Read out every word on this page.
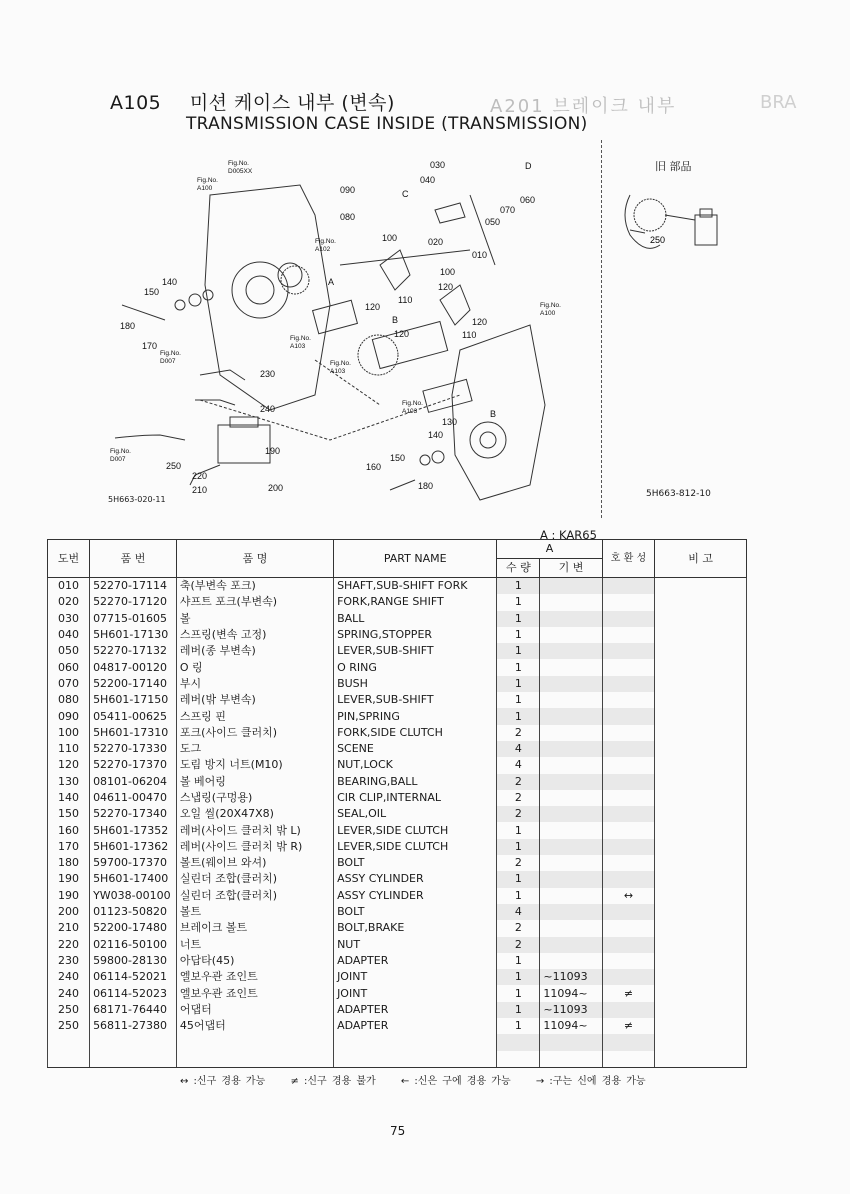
A105 미션 케이스 내부 (변속)
TRANSMISSION CASE INSIDE (TRANSMISSION)
A201 브레이크 내부	BRA
030
040
D
090	C
060
070
080	050
020
010
100
A
100
110
120
120
B	120
110
120
140
150
180
170
230
240
190
250
220
210	200
140
130
150
160
180
B
Fig.No.
D005XX
Fig.No.
A100
Fig.No.
A102
Fig.No.
A103
Fig.No.
A103
Fig.No.
A103
Fig.No.
A100
Fig.No.
D007
Fig.No.
D007
5H663-020-11
5H663-812-10
旧 部品
250
A : KAR65
도번	품 번	품 명	PART NAME	A		호 환 성	비 고
				수 량	기 변		
010	52270-17114	축(부변속 포크)	SHAFT,SUB-SHIFT FORK	1			
020	52270-17120	샤프트 포크(부변속)	FORK,RANGE SHIFT	1			
030	07715-01605	볼	BALL	1			
040	5H601-17130	스프링(변속 고정)	SPRING,STOPPER	1			
050	52270-17132	레버(종 부변속)	LEVER,SUB-SHIFT	1			
060	04817-00120	O 링	O RING	1			
070	52200-17140	부시	BUSH	1			
080	5H601-17150	레버(밖 부변속)	LEVER,SUB-SHIFT	1			
090	05411-00625	스프링 핀	PIN,SPRING	1			
100	5H601-17310	포크(사이드 클러치)	FORK,SIDE CLUTCH	2			
110	52270-17330	도그	SCENE	4			
120	52270-17370	도림 방지 너트(M10)	NUT,LOCK	4			
130	08101-06204	볼 베어링	BEARING,BALL	2			
140	04611-00470	스냅링(구멍용)	CIR CLIP,INTERNAL	2			
150	52270-17340	오일 씰(20X47X8)	SEAL,OIL	2			
160	5H601-17352	레버(사이드 클러치 밖 L)	LEVER,SIDE CLUTCH	1			
170	5H601-17362	레버(사이드 클러치 밖 R)	LEVER,SIDE CLUTCH	1			
180	59700-17370	볼트(웨이브 와셔)	BOLT	2			
190	5H601-17400	실린더 조합(클러치)	ASSY CYLINDER	1			
190	YW038-00100	실린더 조합(클러치)	ASSY CYLINDER	1		↔	
200	01123-50820	볼트	BOLT	4			
210	52200-17480	브레이크 볼트	BOLT,BRAKE	2			
220	02116-50100	너트	NUT	2			
230	59800-28130	아답타(45)	ADAPTER	1			
240	06114-52021	엘보우관 죠인트	JOINT	1	~11093		
240	06114-52023	엘보우관 죠인트	JOINT	1	11094~	≠	
250	68171-76440	어댑터	ADAPTER	1	~11093		
250	56811-27380	45어댑터	ADAPTER	1	11094~	≠	

↔ :신구 경용 가능	≠ :신구 경용 불가	← :신은 구에 경용 가능	→ :구는 신에 경용 가능
75
